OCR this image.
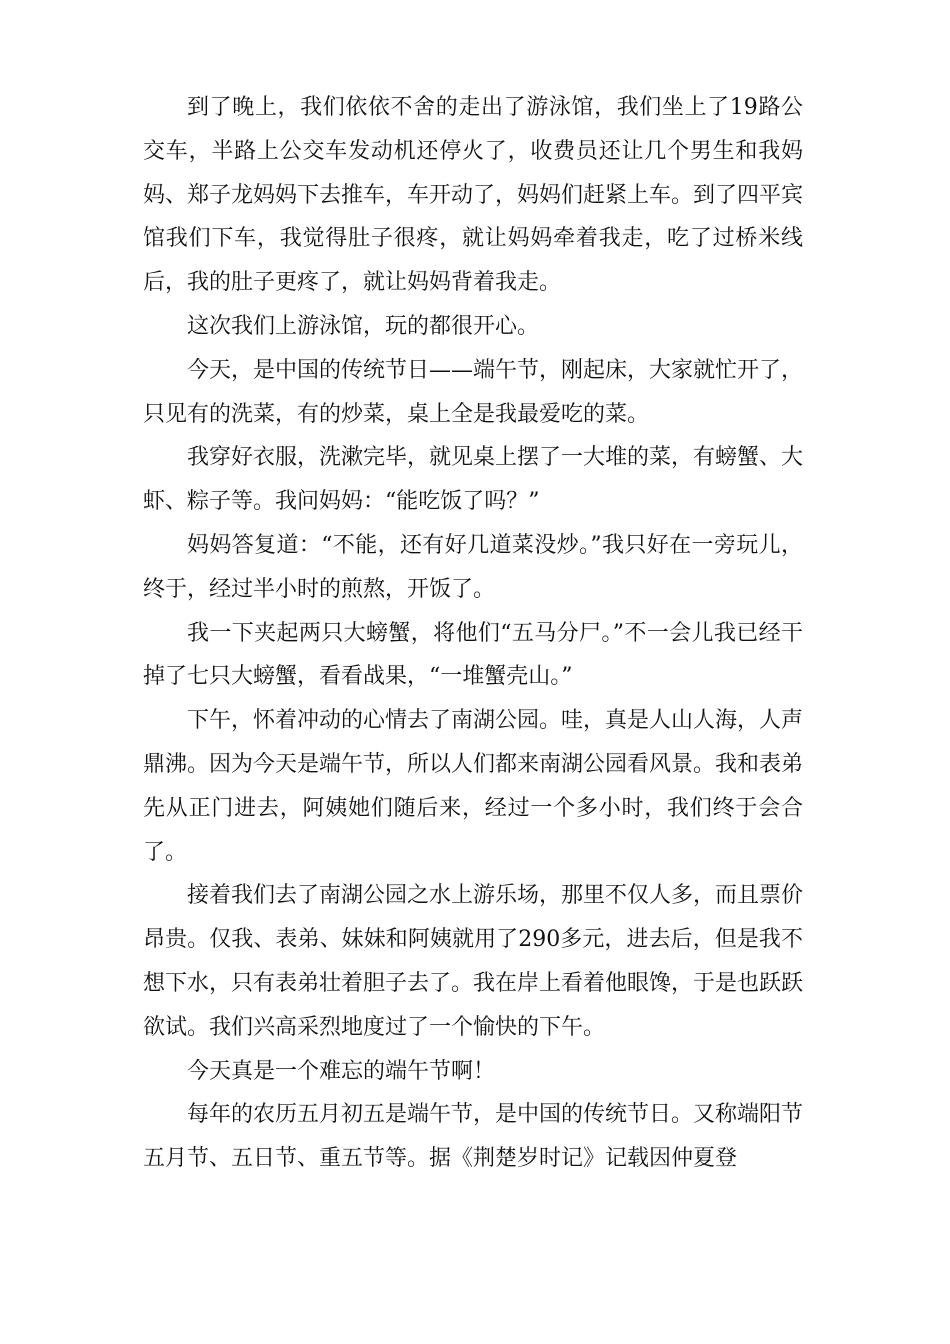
到了晚上，我们依依不舍的走出了游泳馆，我们坐上了19路公交车，半路上公交车发动机还停火了，收费员还让几个男生和我妈妈、郑子龙妈妈下去推车，车开动了，妈妈们赶紧上车。到了四平宾馆我们下车，我觉得肚子很疼，就让妈妈牵着我走，吃了过桥米线后，我的肚子更疼了，就让妈妈背着我走。

这次我们上游泳馆，玩的都很开心。

今天，是中国的传统节日——端午节，刚起床，大家就忙开了，只见有的洗菜，有的炒菜，桌上全是我最爱吃的菜。

我穿好衣服，洗漱完毕，就见桌上摆了一大堆的菜，有螃蟹、大虾、粽子等。我问妈妈：“能吃饭了吗？”

妈妈答复道：“不能，还有好几道菜没炒。”我只好在一旁玩儿，终于，经过半小时的煎熬，开饭了。

我一下夹起两只大螃蟹，将他们“五马分尸。”不一会儿我已经干掉了七只大螃蟹，看看战果，“一堆蟹壳山。”

下午，怀着冲动的心情去了南湖公园。哇，真是人山人海，人声鼎沸。因为今天是端午节，所以人们都来南湖公园看风景。我和表弟先从正门进去，阿姨她们随后来，经过一个多小时，我们终于会合了。

接着我们去了南湖公园之水上游乐场，那里不仅人多，而且票价昂贵。仅我、表弟、妹妹和阿姨就用了290多元，进去后，但是我不想下水，只有表弟壮着胆子去了。我在岸上看着他眼馋，于是也跃跃欲试。我们兴高采烈地度过了一个愉快的下午。

今天真是一个难忘的端午节啊！

每年的农历五月初五是端午节，是中国的传统节日。又称端阳节五月节、五日节、重五节等。据《荆楚岁时记》记载因仲夏登
